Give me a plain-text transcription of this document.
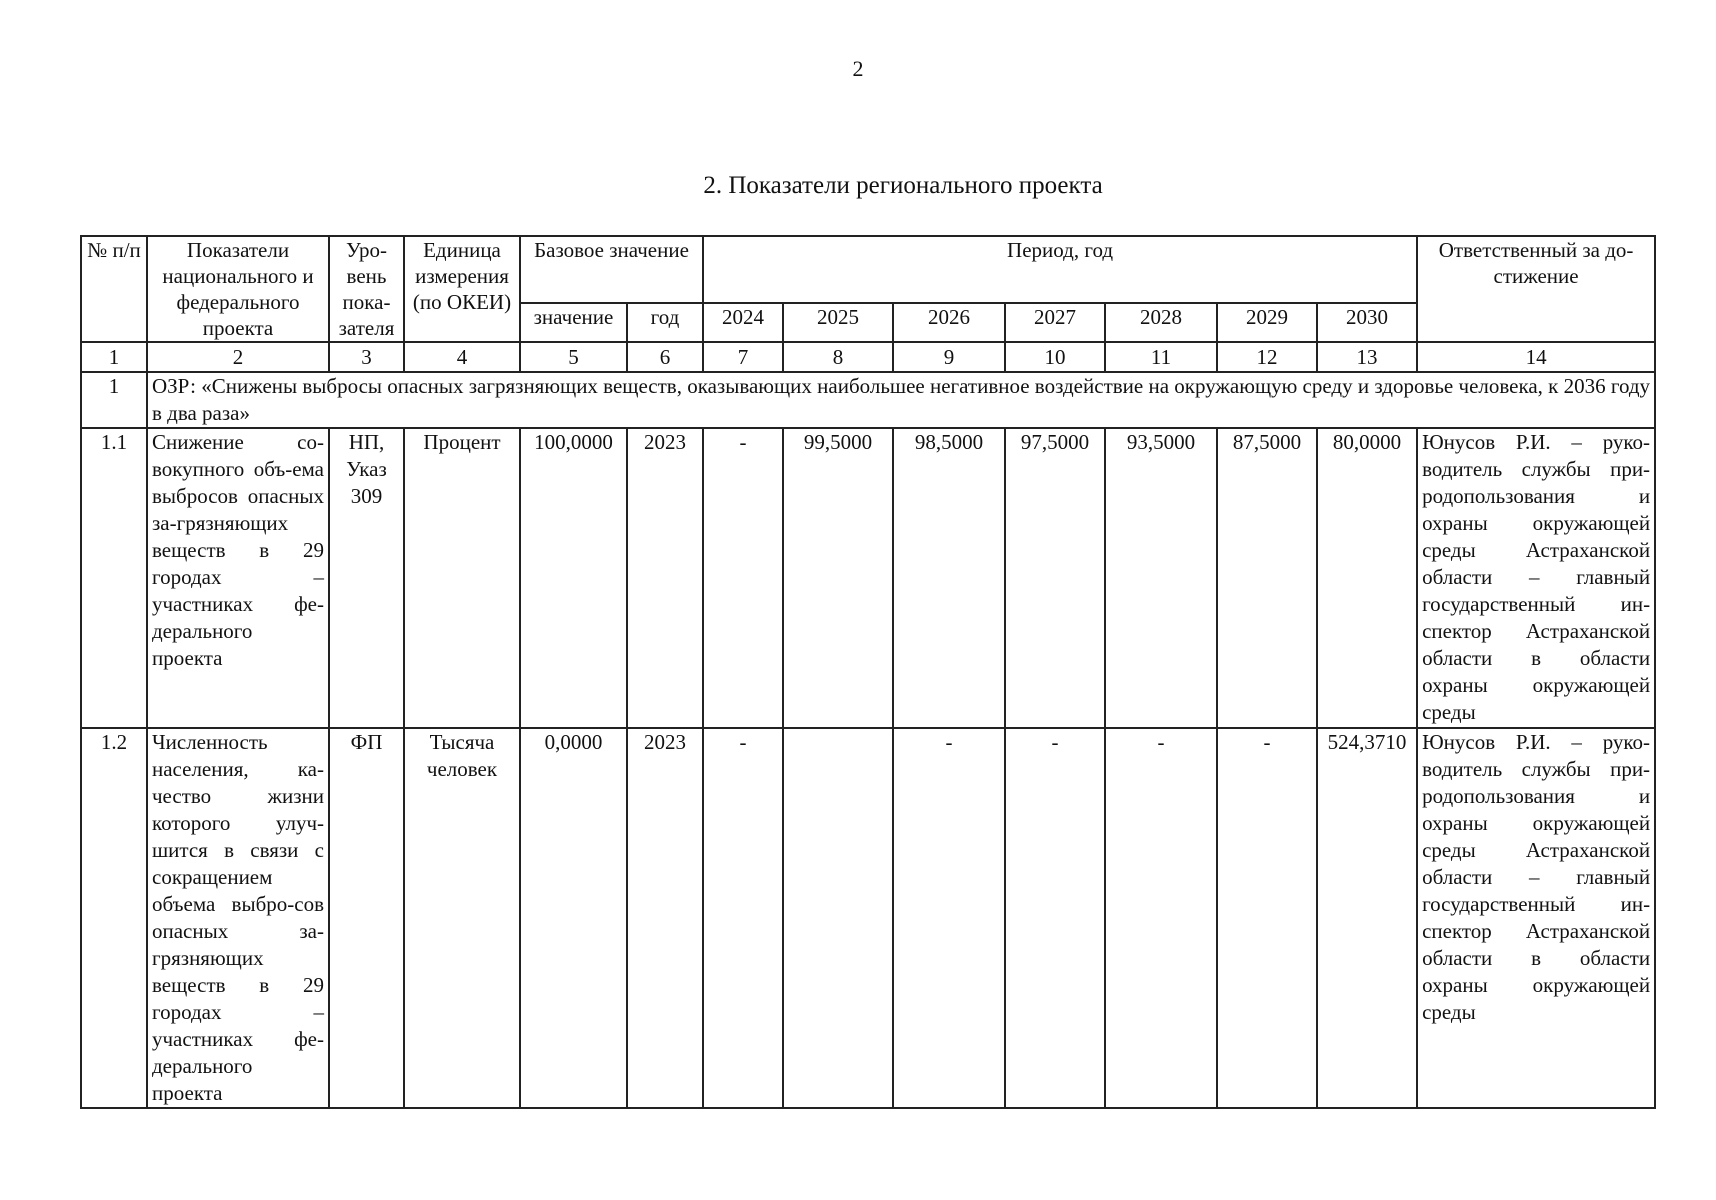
2
2. Показатели регионального проекта
№ п/п	Показатели национального и федерального проекта	Уро-вень пока-зателя	Единица измерения (по ОКЕИ)	Базовое значение		Период, год							Ответственный за до-стижение
				значение	год	2024	2025	2026	2027	2028	2029	2030	
1	2	3	4	5	6	7	8	9	10	11	12	13	14
1	ОЗР: «Снижены выбросы опасных загрязняющих веществ, оказывающих наибольшее негативное воздействие на окружающую среду и здоровье человека, к 2036 году в два раза»												
1.1	Снижение со-вокупного объ-ема выбросов опасных за-грязняющих веществ в 29 городах – участниках фе-дерального проекта	НП, Указ 309	Процент	100,0000	2023	-	99,5000	98,5000	97,5000	93,5000	87,5000	80,0000	Юнусов Р.И. – руко-водитель службы при-родопользования и охраны окружающей среды Астраханской области – главный государственный ин-спектор Астраханской области в области охраны окружающей среды
1.2	Численность населения, ка-чество жизни которого улуч-шится в связи с сокращением объема выбро-сов опасных за-грязняющих веществ в 29 городах – участниках фе-дерального проекта	ФП	Тысяча человек	0,0000	2023	-		-	-	-	-	524,3710	Юнусов Р.И. – руко-водитель службы при-родопользования и охраны окружающей среды Астраханской области – главный государственный ин-спектор Астраханской области в области охраны окружающей среды
